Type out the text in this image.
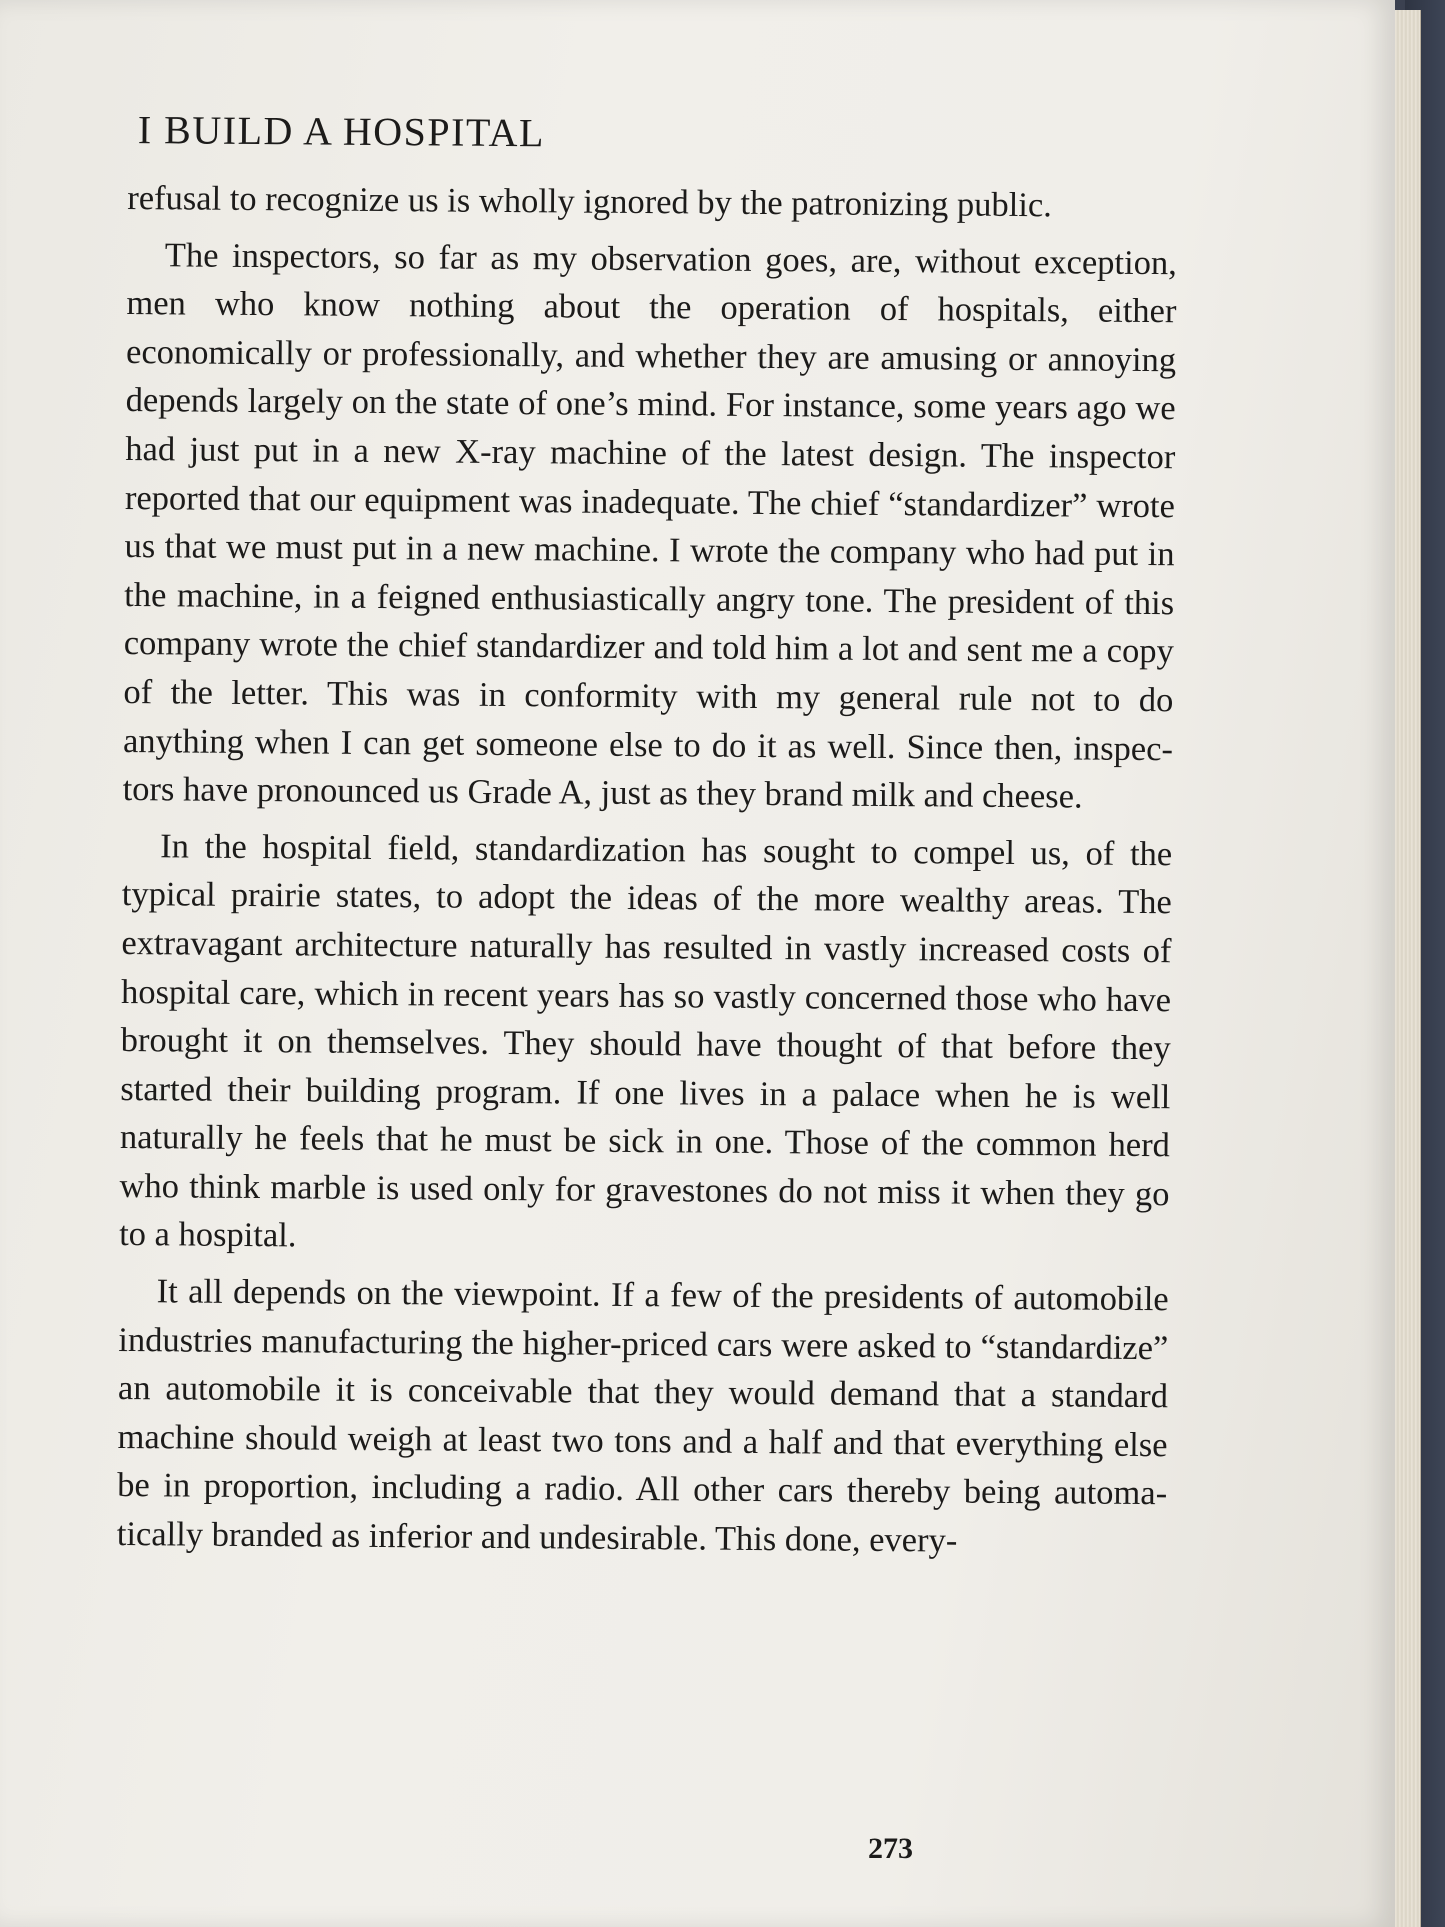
I BUILD A HOSPITAL

refusal to recognize us is wholly ignored by the patronizing public.

The inspectors, so far as my observation goes, are, without exception, men who know nothing about the operation of hospitals, either economically or professionally, and whether they are amusing or annoying depends largely on the state of one’s mind. For instance, some years ago we had just put in a new X-ray machine of the latest design. The inspector reported that our equipment was inadequate. The chief “standardizer” wrote us that we must put in a new machine. I wrote the company who had put in the machine, in a feigned enthusiastically angry tone. The president of this company wrote the chief standardizer and told him a lot and sent me a copy of the letter. This was in conformity with my general rule not to do anything when I can get someone else to do it as well. Since then, inspectors have pronounced us Grade A, just as they brand milk and cheese.

In the hospital field, standardization has sought to compel us, of the typical prairie states, to adopt the ideas of the more wealthy areas. The extravagant architecture naturally has resulted in vastly increased costs of hospital care, which in recent years has so vastly concerned those who have brought it on themselves. They should have thought of that before they started their building program. If one lives in a palace when he is well naturally he feels that he must be sick in one. Those of the common herd who think marble is used only for gravestones do not miss it when they go to a hospital.

It all depends on the viewpoint. If a few of the presidents of automobile industries manufacturing the higher-priced cars were asked to “standardize” an automobile it is conceivable that they would demand that a standard machine should weigh at least two tons and a half and that everything else be in proportion, including a radio. All other cars thereby being automatically branded as inferior and undesirable. This done, every-

273
